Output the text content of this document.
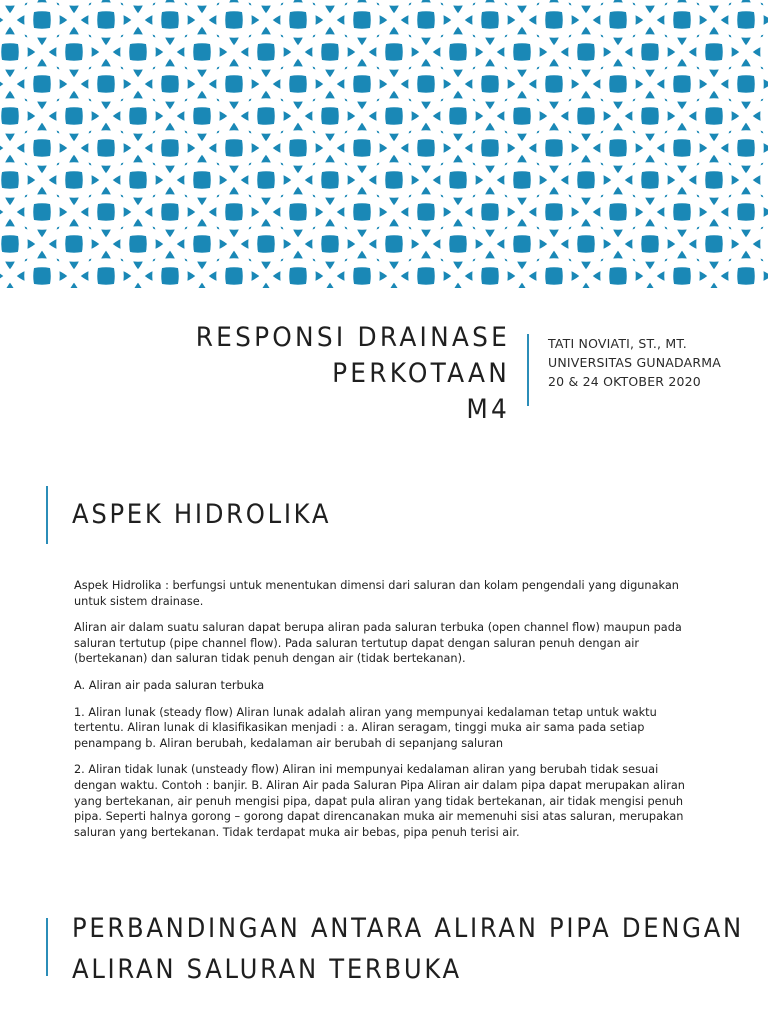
RESPONSI DRAINASE PERKOTAAN
M4
TATI NOVIATI, ST., MT.
UNIVERSITAS GUNADARMA
20 & 24 OKTOBER 2020
ASPEK HIDROLIKA

Aspek Hidrolika : berfungsi untuk menentukan dimensi dari saluran dan kolam pengendali yang digunakan untuk sistem drainase.

Aliran air dalam suatu saluran dapat berupa aliran pada saluran terbuka (open channel flow) maupun pada saluran tertutup (pipe channel flow). Pada saluran tertutup dapat dengan saluran penuh dengan air (bertekanan) dan saluran tidak penuh dengan air (tidak bertekanan).

A. Aliran air pada saluran terbuka

1. Aliran lunak (steady flow) Aliran lunak adalah aliran yang mempunyai kedalaman tetap untuk waktu tertentu. Aliran lunak di klasifikasikan menjadi : a. Aliran seragam, tinggi muka air sama pada setiap penampang b. Aliran berubah, kedalaman air berubah di sepanjang saluran

2. Aliran tidak lunak (unsteady flow) Aliran ini mempunyai kedalaman aliran yang berubah tidak sesuai dengan waktu. Contoh : banjir. B. Aliran Air pada Saluran Pipa Aliran air dalam pipa dapat merupakan aliran yang bertekanan, air penuh mengisi pipa, dapat pula aliran yang tidak bertekanan, air tidak mengisi penuh pipa. Seperti halnya gorong – gorong dapat direncanakan muka air memenuhi sisi atas saluran, merupakan saluran yang bertekanan. Tidak terdapat muka air bebas, pipa penuh terisi air.

PERBANDINGAN ANTARA ALIRAN PIPA DENGAN
ALIRAN SALURAN TERBUKA
